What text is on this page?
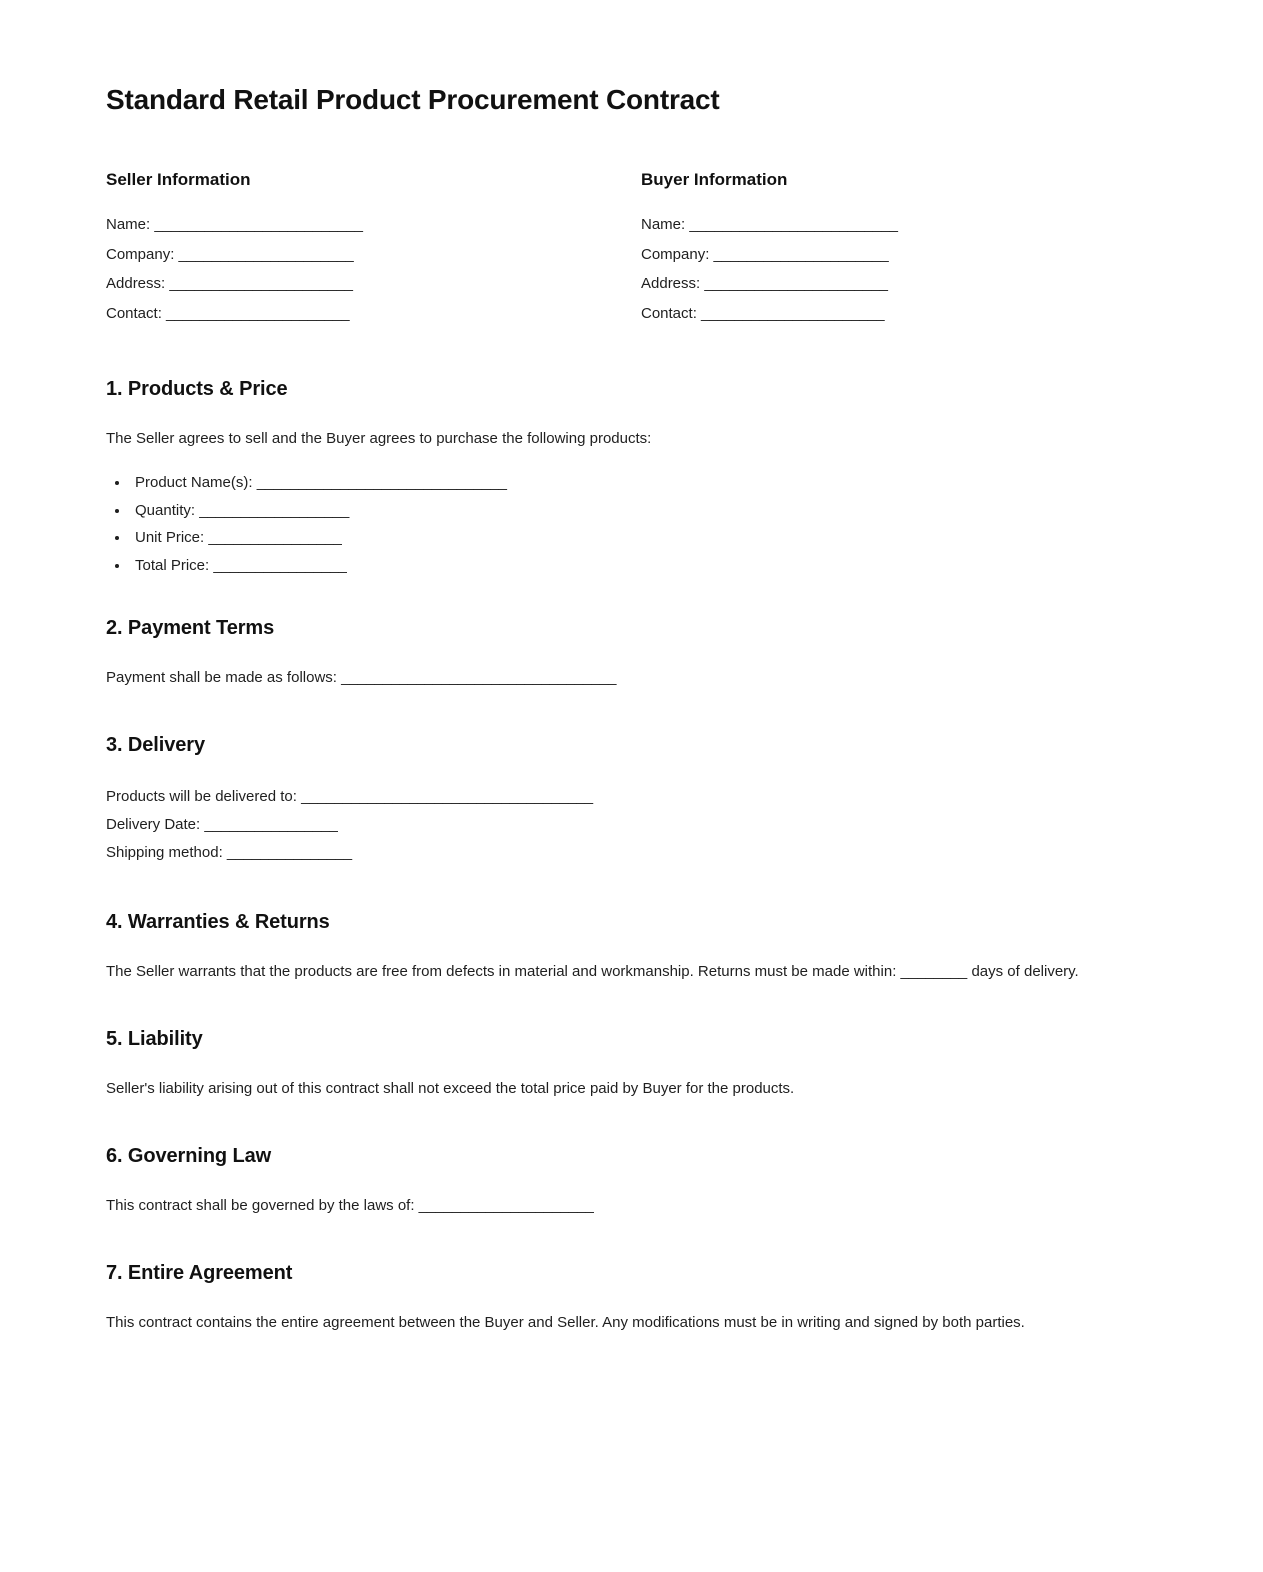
Standard Retail Product Procurement Contract
Seller Information
Name: _________________________
Company: _____________________
Address: ______________________
Contact: ______________________
Buyer Information
Name: _________________________
Company: _____________________
Address: ______________________
Contact: ______________________
1. Products & Price

The Seller agrees to sell and the Buyer agrees to purchase the following products:

• Product Name(s): ______________________________
• Quantity: __________________
• Unit Price: ________________
• Total Price: ________________
2. Payment Terms

Payment shall be made as follows: _________________________________

3. Delivery
Products will be delivered to: ___________________________________
Delivery Date: ________________
Shipping method: _______________
4. Warranties & Returns

The Seller warrants that the products are free from defects in material and workmanship. Returns must be made within: ________ days of delivery.

5. Liability

Seller's liability arising out of this contract shall not exceed the total price paid by Buyer for the products.

6. Governing Law

This contract shall be governed by the laws of: _____________________

7. Entire Agreement

This contract contains the entire agreement between the Buyer and Seller. Any modifications must be in writing and signed by both parties.
